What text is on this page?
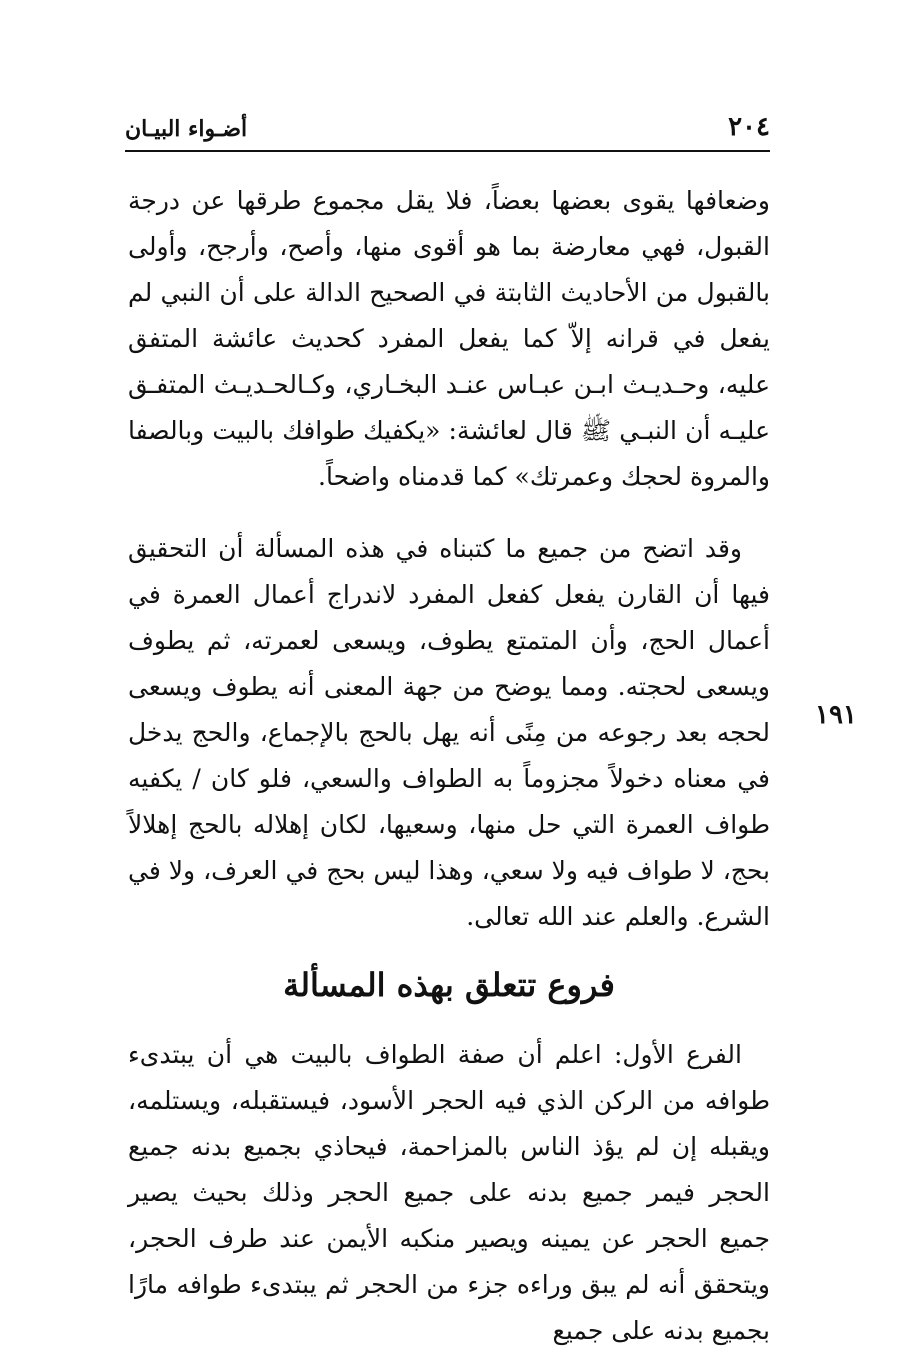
٢٠٤
أضـواء البيـان
١٩١

وضعافها يقوى بعضها بعضاً، فلا يقل مجموع طرقها عن درجة القبول، فهي معارضة بما هو أقوى منها، وأصح، وأرجح، وأولى بالقبول من الأحاديث الثابتة في الصحيح الدالة على أن النبي لم يفعل في قرانه إلاّ كما يفعل المفرد كحديث عائشة المتفق عليه، وحـديـث ابـن عبـاس عنـد البخـاري، وكـالحـديـث المتفـق عليـه أن النبـي ﷺ قال لعائشة: «يكفيك طوافك بالبيت وبالصفا والمروة لحجك وعمرتك» كما قدمناه واضحاً.

وقد اتضح من جميع ما كتبناه في هذه المسألة أن التحقيق فيها أن القارن يفعل كفعل المفرد لاندراج أعمال العمرة في أعمال الحج، وأن المتمتع يطوف، ويسعى لعمرته، ثم يطوف ويسعى لحجته. ومما يوضح من جهة المعنى أنه يطوف ويسعى لحجه بعد رجوعه من مِنًى أنه يهل بالحج بالإجماع، والحج يدخل في معناه دخولاً مجزوماً به الطواف والسعي، فلو كان / يكفيه طواف العمرة التي حل منها، وسعيها، لكان إهلاله بالحج إهلالاً بحج، لا طواف فيه ولا سعي، وهذا ليس بحج في العرف، ولا في الشرع. والعلم عند الله تعالى.

فروع تتعلق بهذه المسألة

الفرع الأول: اعلم أن صفة الطواف بالبيت هي أن يبتدىء طوافه من الركن الذي فيه الحجر الأسود، فيستقبله، ويستلمه، ويقبله إن لم يؤذ الناس بالمزاحمة، فيحاذي بجميع بدنه جميع الحجر فيمر جميع بدنه على جميع الحجر وذلك بحيث يصير جميع الحجر عن يمينه ويصير منكبه الأيمن عند طرف الحجر، ويتحقق أنه لم يبق وراءه جزء من الحجر ثم يبتدىء طوافه مارًا بجميع بدنه على جميع
